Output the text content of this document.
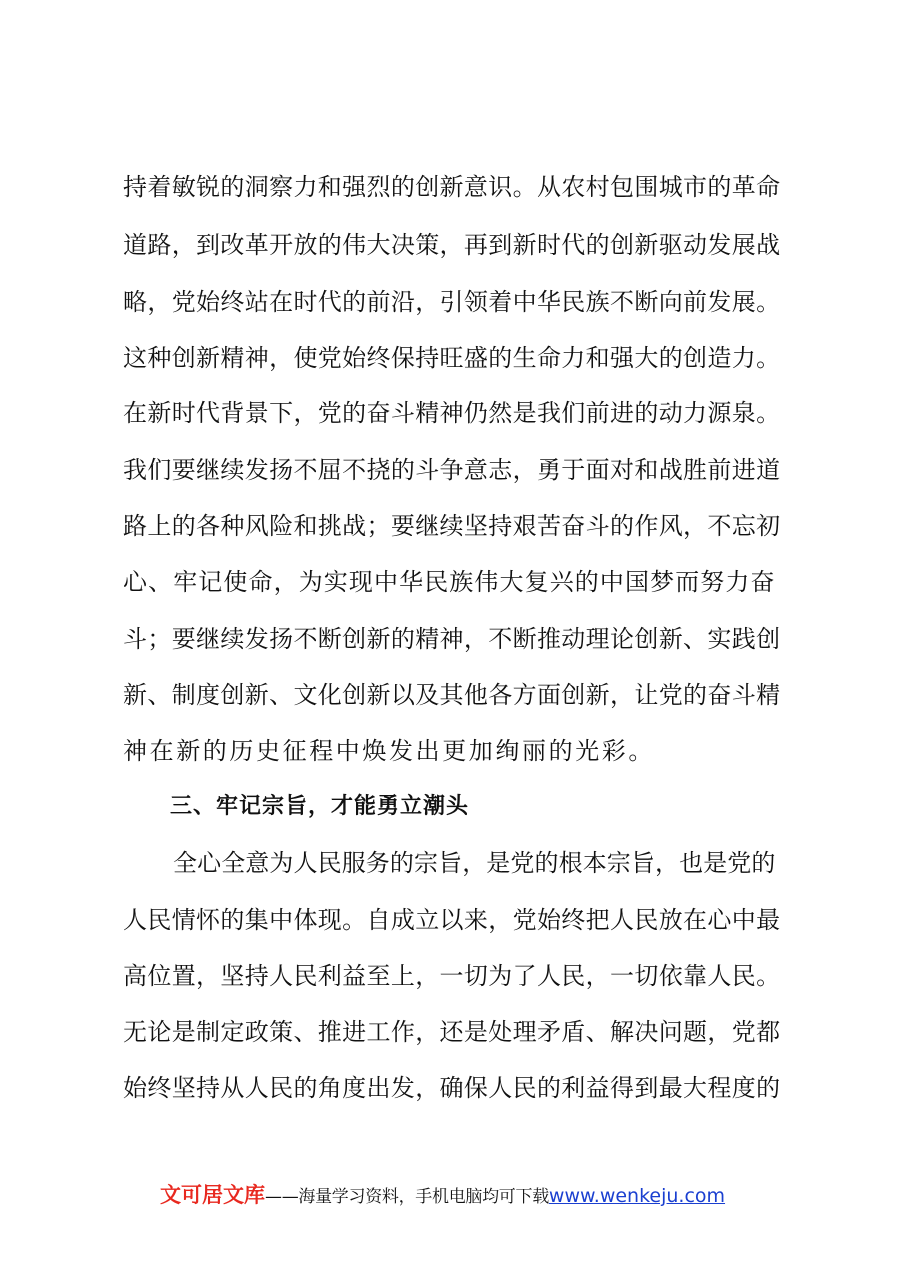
持着敏锐的洞察力和强烈的创新意识。从农村包围城市的革命
道路，到改革开放的伟大决策，再到新时代的创新驱动发展战
略，党始终站在时代的前沿，引领着中华民族不断向前发展。
这种创新精神，使党始终保持旺盛的生命力和强大的创造力。
在新时代背景下，党的奋斗精神仍然是我们前进的动力源泉。
我们要继续发扬不屈不挠的斗争意志，勇于面对和战胜前进道
路上的各种风险和挑战；要继续坚持艰苦奋斗的作风，不忘初
心、牢记使命，为实现中华民族伟大复兴的中国梦而努力奋
斗；要继续发扬不断创新的精神，不断推动理论创新、实践创
新、制度创新、文化创新以及其他各方面创新，让党的奋斗精
神在新的历史征程中焕发出更加绚丽的光彩。
三、牢记宗旨，才能勇立潮头
全心全意为人民服务的宗旨，是党的根本宗旨，也是党的
人民情怀的集中体现。自成立以来，党始终把人民放在心中最
高位置，坚持人民利益至上，一切为了人民，一切依靠人民。
无论是制定政策、推进工作，还是处理矛盾、解决问题，党都
始终坚持从人民的角度出发，确保人民的利益得到最大程度的
文可居文库——海量学习资料，手机电脑均可下载www.wenkeju.com
